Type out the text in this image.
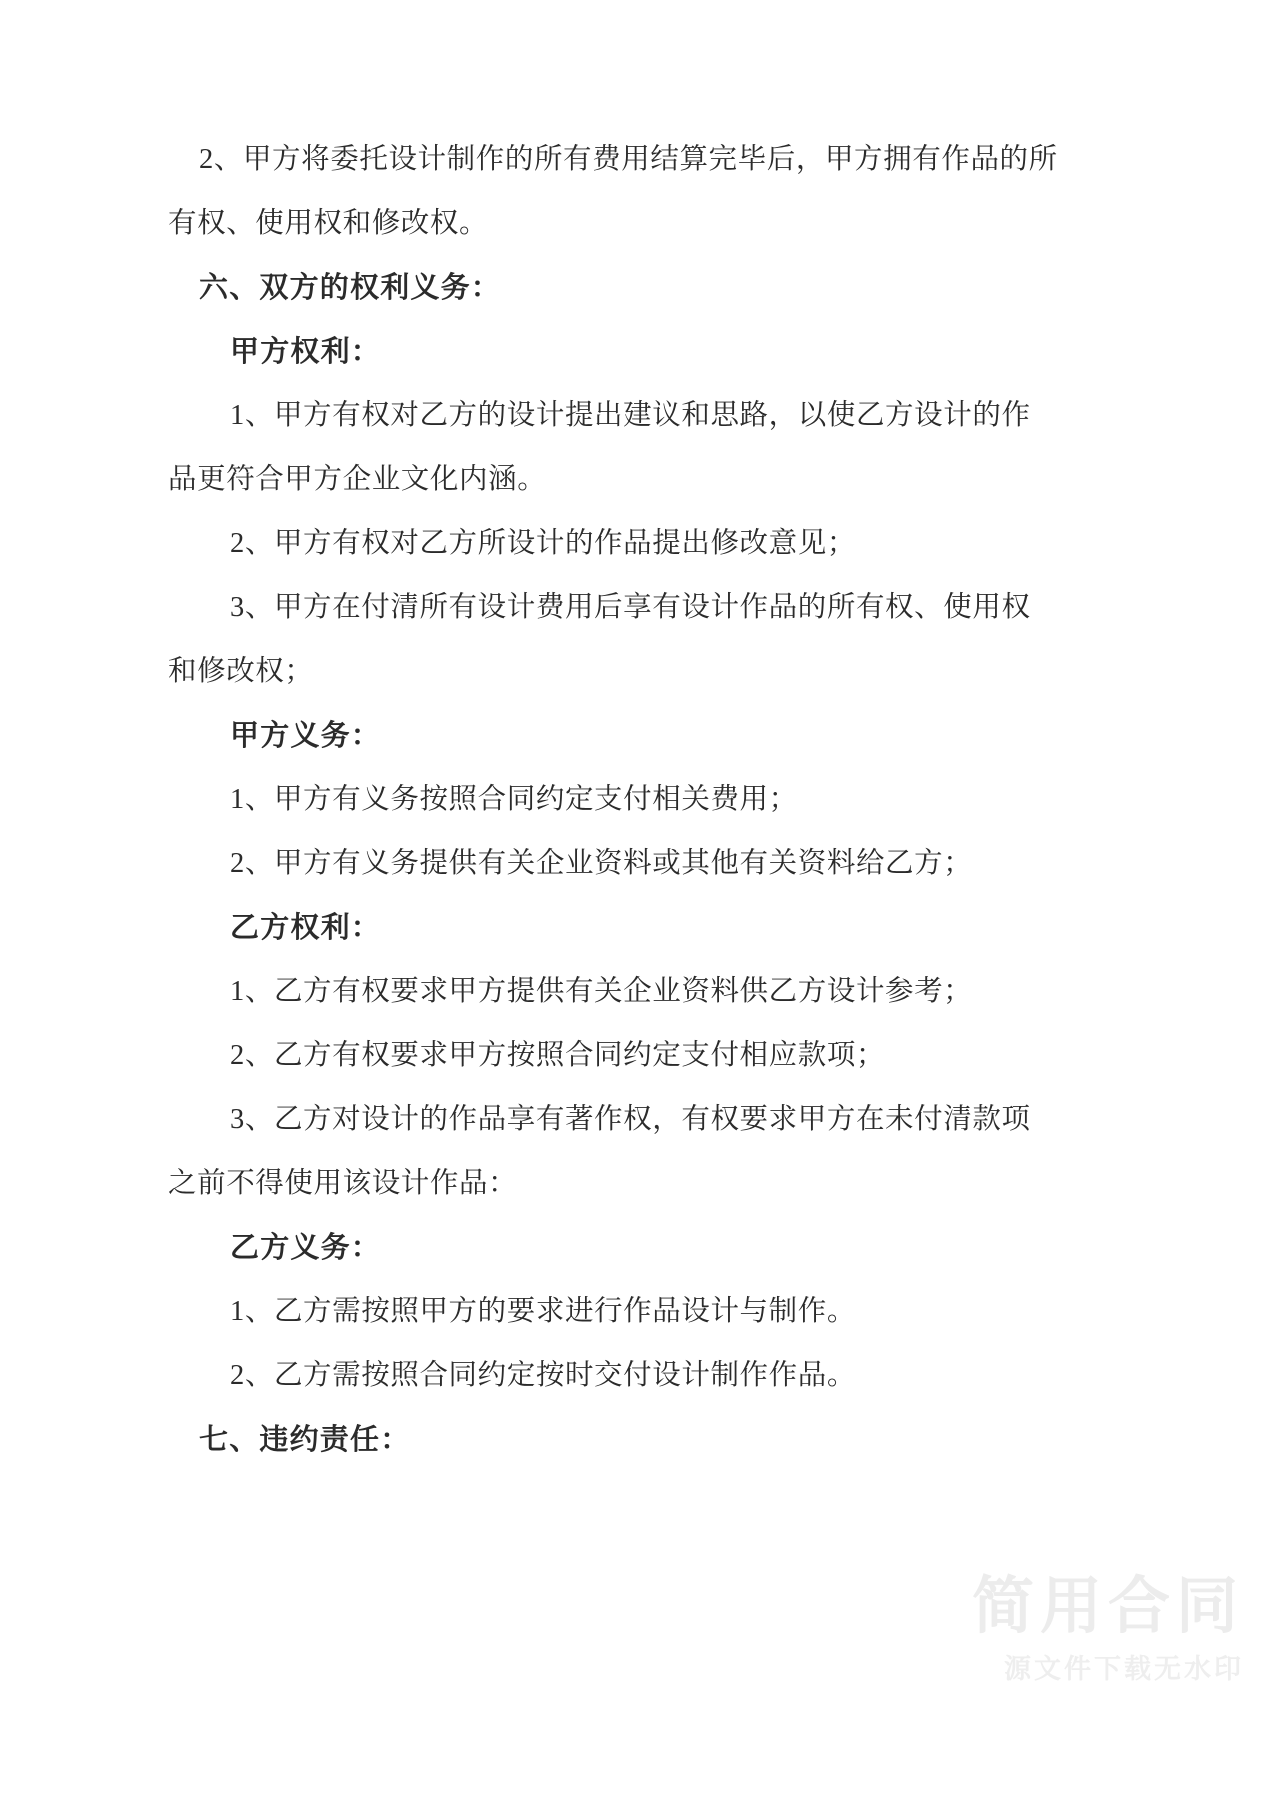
2、甲方将委托设计制作的所有费用结算完毕后，甲方拥有作品的所
有权、使用权和修改权。
六、双方的权利义务：
甲方权利：
1、甲方有权对乙方的设计提出建议和思路，以使乙方设计的作
品更符合甲方企业文化内涵。
2、甲方有权对乙方所设计的作品提出修改意见；
3、甲方在付清所有设计费用后享有设计作品的所有权、使用权
和修改权；
甲方义务：
1、甲方有义务按照合同约定支付相关费用；
2、甲方有义务提供有关企业资料或其他有关资料给乙方；
乙方权利：
1、乙方有权要求甲方提供有关企业资料供乙方设计参考；
2、乙方有权要求甲方按照合同约定支付相应款项；
3、乙方对设计的作品享有著作权，有权要求甲方在未付清款项
之前不得使用该设计作品：
乙方义务：
1、乙方需按照甲方的要求进行作品设计与制作。
2、乙方需按照合同约定按时交付设计制作作品。
七、违约责任：
简用合同
源文件下载无水印
